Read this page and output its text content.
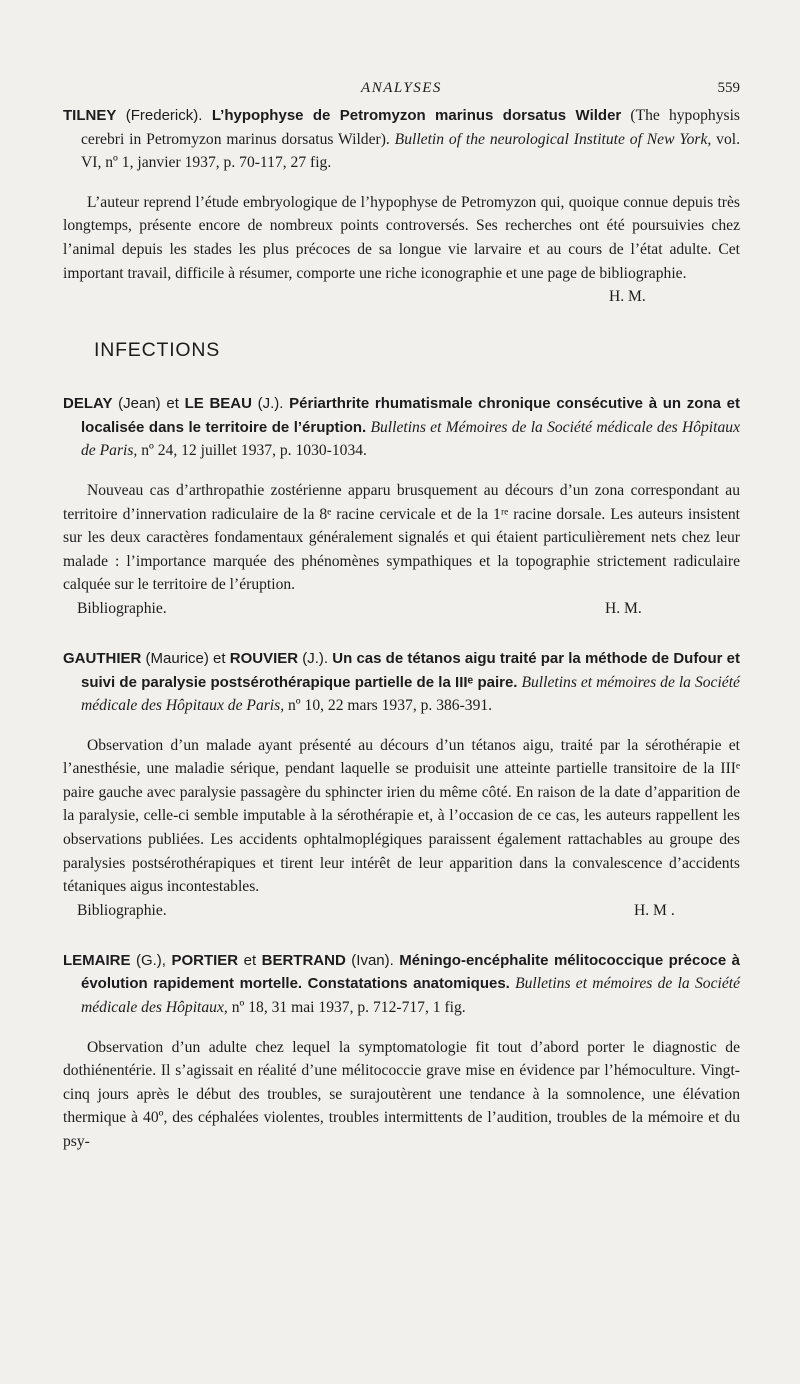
ANALYSES	559

TILNEY (Frederick). L’hypophyse de Petromyzon marinus dorsatus Wilder (The hypophysis cerebri in Petromyzon marinus dorsatus Wilder). Bulletin of the neurological Institute of New York, vol. VI, nº 1, janvier 1937, p. 70-117, 27 fig.

L’auteur reprend l’étude embryologique de l’hypophyse de Petromyzon qui, quoique connue depuis très longtemps, présente encore de nombreux points controversés. Ses recherches ont été poursuivies chez l’animal depuis les stades les plus précoces de sa longue vie larvaire et au cours de l’état adulte. Cet important travail, difficile à résumer, comporte une riche iconographie et une page de bibliographie.

H. M.
INFECTIONS

DELAY (Jean) et LE BEAU (J.). Périarthrite rhumatismale chronique consécutive à un zona et localisée dans le territoire de l’éruption. Bulletins et Mémoires de la Société médicale des Hôpitaux de Paris, nº 24, 12 juillet 1937, p. 1030-1034.

Nouveau cas d’arthropathie zostérienne apparu brusquement au décours d’un zona correspondant au territoire d’innervation radiculaire de la 8ᵉ racine cervicale et de la 1ʳᵉ racine dorsale. Les auteurs insistent sur les deux caractères fondamentaux généralement signalés et qui étaient particulièrement nets chez leur malade : l’importance marquée des phénomènes sympathiques et la topographie strictement radiculaire calquée sur le territoire de l’éruption.

Bibliographie.	H. M.

GAUTHIER (Maurice) et ROUVIER (J.). Un cas de tétanos aigu traité par la méthode de Dufour et suivi de paralysie postsérothérapique partielle de la IIIᵉ paire. Bulletins et mémoires de la Société médicale des Hôpitaux de Paris, nº 10, 22 mars 1937, p. 386-391.

Observation d’un malade ayant présenté au décours d’un tétanos aigu, traité par la sérothérapie et l’anesthésie, une maladie sérique, pendant laquelle se produisit une atteinte partielle transitoire de la IIIᵉ paire gauche avec paralysie passagère du sphincter irien du même côté. En raison de la date d’apparition de la paralysie, celle-ci semble imputable à la sérothérapie et, à l’occasion de ce cas, les auteurs rappellent les observations publiées. Les accidents ophtalmoplégiques paraissent également rattachables au groupe des paralysies postsérothérapiques et tirent leur intérêt de leur apparition dans la convalescence d’accidents tétaniques aigus incontestables.

Bibliographie.	H. M .

LEMAIRE (G.), PORTIER et BERTRAND (Ivan). Méningo-encéphalite mélitococcique précoce à évolution rapidement mortelle. Constatations anatomiques. Bulletins et mémoires de la Société médicale des Hôpitaux, nº 18, 31 mai 1937, p. 712-717, 1 fig.

Observation d’un adulte chez lequel la symptomatologie fit tout d’abord porter le diagnostic de dothiénentérie. Il s’agissait en réalité d’une mélitococcie grave mise en évidence par l’hémoculture. Vingt-cinq jours après le début des troubles, se surajoutèrent une tendance à la somnolence, une élévation thermique à 40º, des céphalées violentes, troubles intermittents de l’audition, troubles de la mémoire et du psy-
